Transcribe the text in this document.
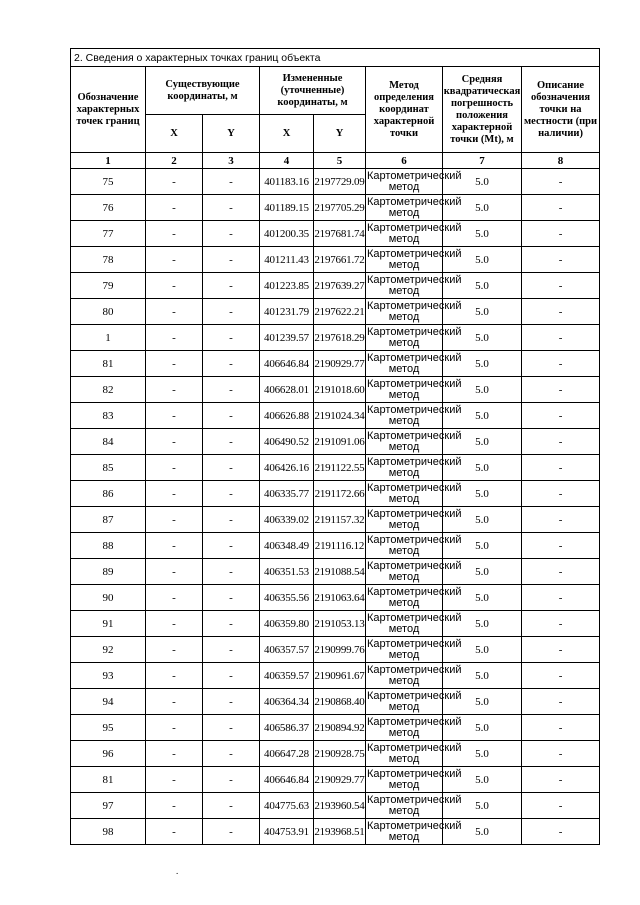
2. Сведения о характерных точках границ объекта							
Обозначение характерных точек границ	Существующие координаты, м		Измененные (уточненные) координаты, м		Метод определения координат характерной точки	Средняя квадратическая погрешность положения характерной точки (Mt), м	Описание обозначения точки на местности (при наличии)
	X	Y	X	Y			
1	2	3	4	5	6	7	8
75	-	-	401183.16	2197729.09	Картометрический метод	5.0	-
76	-	-	401189.15	2197705.29	Картометрический метод	5.0	-
77	-	-	401200.35	2197681.74	Картометрический метод	5.0	-
78	-	-	401211.43	2197661.72	Картометрический метод	5.0	-
79	-	-	401223.85	2197639.27	Картометрический метод	5.0	-
80	-	-	401231.79	2197622.21	Картометрический метод	5.0	-
1	-	-	401239.57	2197618.29	Картометрический метод	5.0	-
81	-	-	406646.84	2190929.77	Картометрический метод	5.0	-
82	-	-	406628.01	2191018.60	Картометрический метод	5.0	-
83	-	-	406626.88	2191024.34	Картометрический метод	5.0	-
84	-	-	406490.52	2191091.06	Картометрический метод	5.0	-
85	-	-	406426.16	2191122.55	Картометрический метод	5.0	-
86	-	-	406335.77	2191172.66	Картометрический метод	5.0	-
87	-	-	406339.02	2191157.32	Картометрический метод	5.0	-
88	-	-	406348.49	2191116.12	Картометрический метод	5.0	-
89	-	-	406351.53	2191088.54	Картометрический метод	5.0	-
90	-	-	406355.56	2191063.64	Картометрический метод	5.0	-
91	-	-	406359.80	2191053.13	Картометрический метод	5.0	-
92	-	-	406357.57	2190999.76	Картометрический метод	5.0	-
93	-	-	406359.57	2190961.67	Картометрический метод	5.0	-
94	-	-	406364.34	2190868.40	Картометрический метод	5.0	-
95	-	-	406586.37	2190894.92	Картометрический метод	5.0	-
96	-	-	406647.28	2190928.75	Картометрический метод	5.0	-
81	-	-	406646.84	2190929.77	Картометрический метод	5.0	-
97	-	-	404775.63	2193960.54	Картометрический метод	5.0	-
98	-	-	404753.91	2193968.51	Картометрический метод	5.0	-
.
